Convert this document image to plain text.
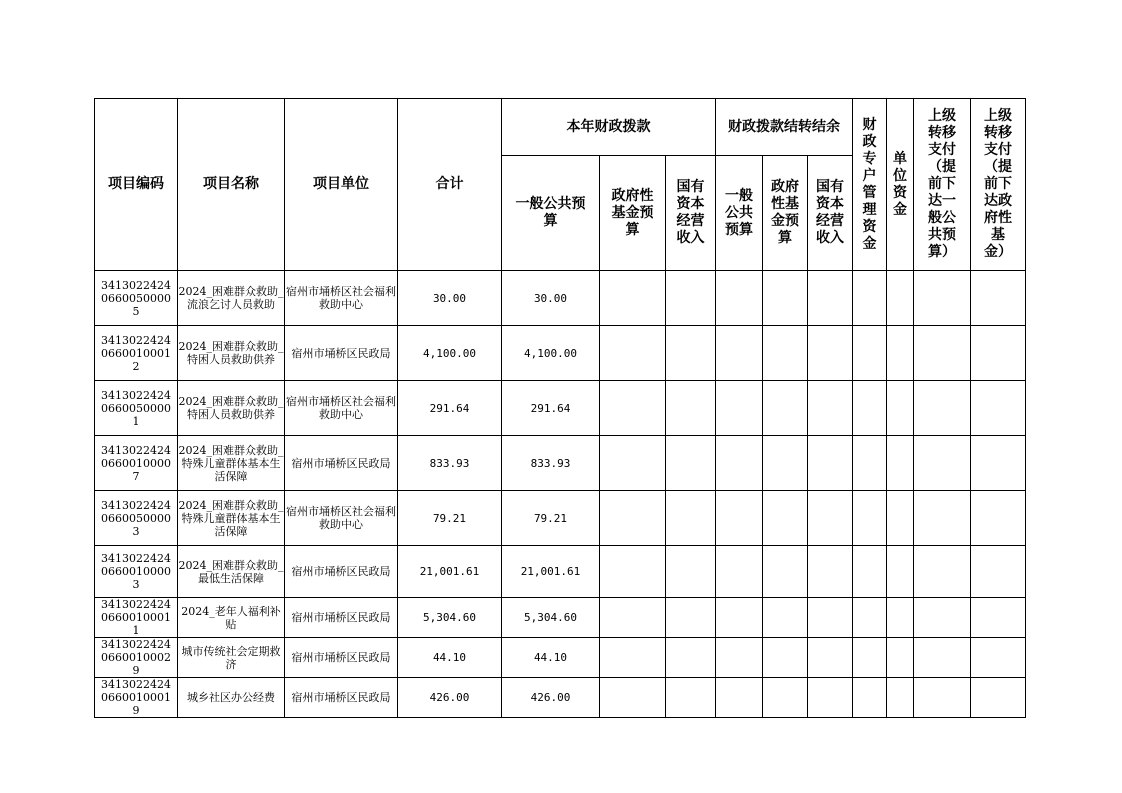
项目编码	项目名称	项目单位	合计	本年财政拨款			财政拨款结转结余			财政专户管理资金	单位资金	上级转移支付（提前下达一般公共预算）	上级转移支付（提前下达政府性基金）
				一般公共预算	政府性基金预算	国有资本经营收入	一般公共预算	政府性基金预算	国有资本经营收入				
341302242406600500005	2024_困难群众救助_流浪乞讨人员救助	宿州市埇桥区社会福利救助中心	30.00	30.00									
341302242406600100012	2024_困难群众救助_特困人员救助供养	宿州市埇桥区民政局	4,100.00	4,100.00									
341302242406600500001	2024_困难群众救助_特困人员救助供养	宿州市埇桥区社会福利救助中心	291.64	291.64									
341302242406600100007	2024_困难群众救助_特殊儿童群体基本生活保障	宿州市埇桥区民政局	833.93	833.93									
341302242406600500003	2024_困难群众救助_特殊儿童群体基本生活保障	宿州市埇桥区社会福利救助中心	79.21	79.21									
341302242406600100003	2024_困难群众救助_最低生活保障	宿州市埇桥区民政局	21,001.61	21,001.61									
341302242406600100011	2024_老年人福利补贴	宿州市埇桥区民政局	5,304.60	5,304.60									
341302242406600100029	城市传统社会定期救济	宿州市埇桥区民政局	44.10	44.10									
341302242406600100019	城乡社区办公经费	宿州市埇桥区民政局	426.00	426.00									
